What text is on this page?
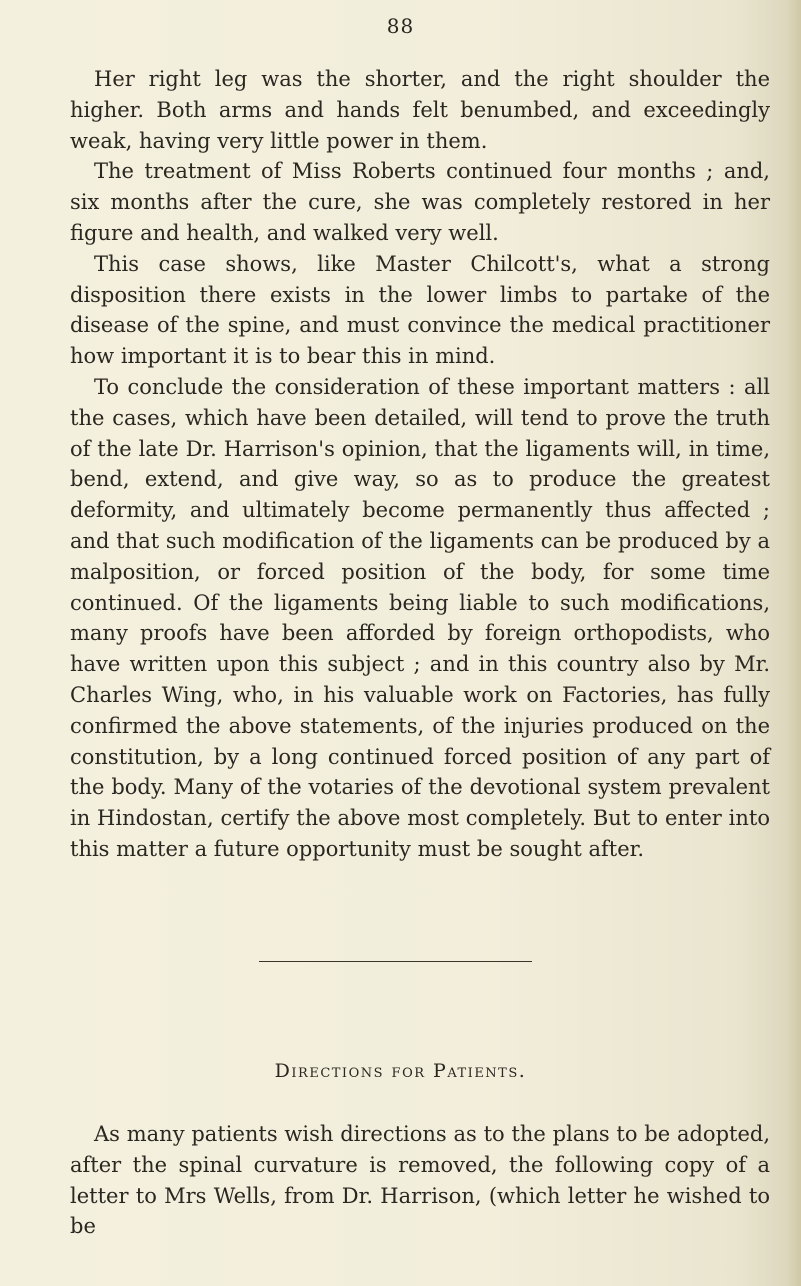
88

Her right leg was the shorter, and the right shoulder the higher. Both arms and hands felt benumbed, and exceedingly weak, having very little power in them.

The treatment of Miss Roberts continued four months ; and, six months after the cure, she was completely restored in her figure and health, and walked very well.

This case shows, like Master Chilcott's, what a strong disposition there exists in the lower limbs to partake of the disease of the spine, and must convince the medical practitioner how important it is to bear this in mind.

To conclude the consideration of these important matters : all the cases, which have been detailed, will tend to prove the truth of the late Dr. Harrison's opinion, that the ligaments will, in time, bend, extend, and give way, so as to produce the greatest deformity, and ultimately become permanently thus affected ; and that such modification of the ligaments can be produced by a malposition, or forced position of the body, for some time continued. Of the ligaments being liable to such modifications, many proofs have been afforded by foreign orthopodists, who have written upon this subject ; and in this country also by Mr. Charles Wing, who, in his valuable work on Factories, has fully confirmed the above statements, of the injuries produced on the constitution, by a long continued forced position of any part of the body. Many of the votaries of the devotional system prevalent in Hindostan, certify the above most completely. But to enter into this matter a future opportunity must be sought after.

Directions for Patients.

As many patients wish directions as to the plans to be adopted, after the spinal curvature is removed, the following copy of a letter to Mrs Wells, from Dr. Harrison, (which letter he wished to be
